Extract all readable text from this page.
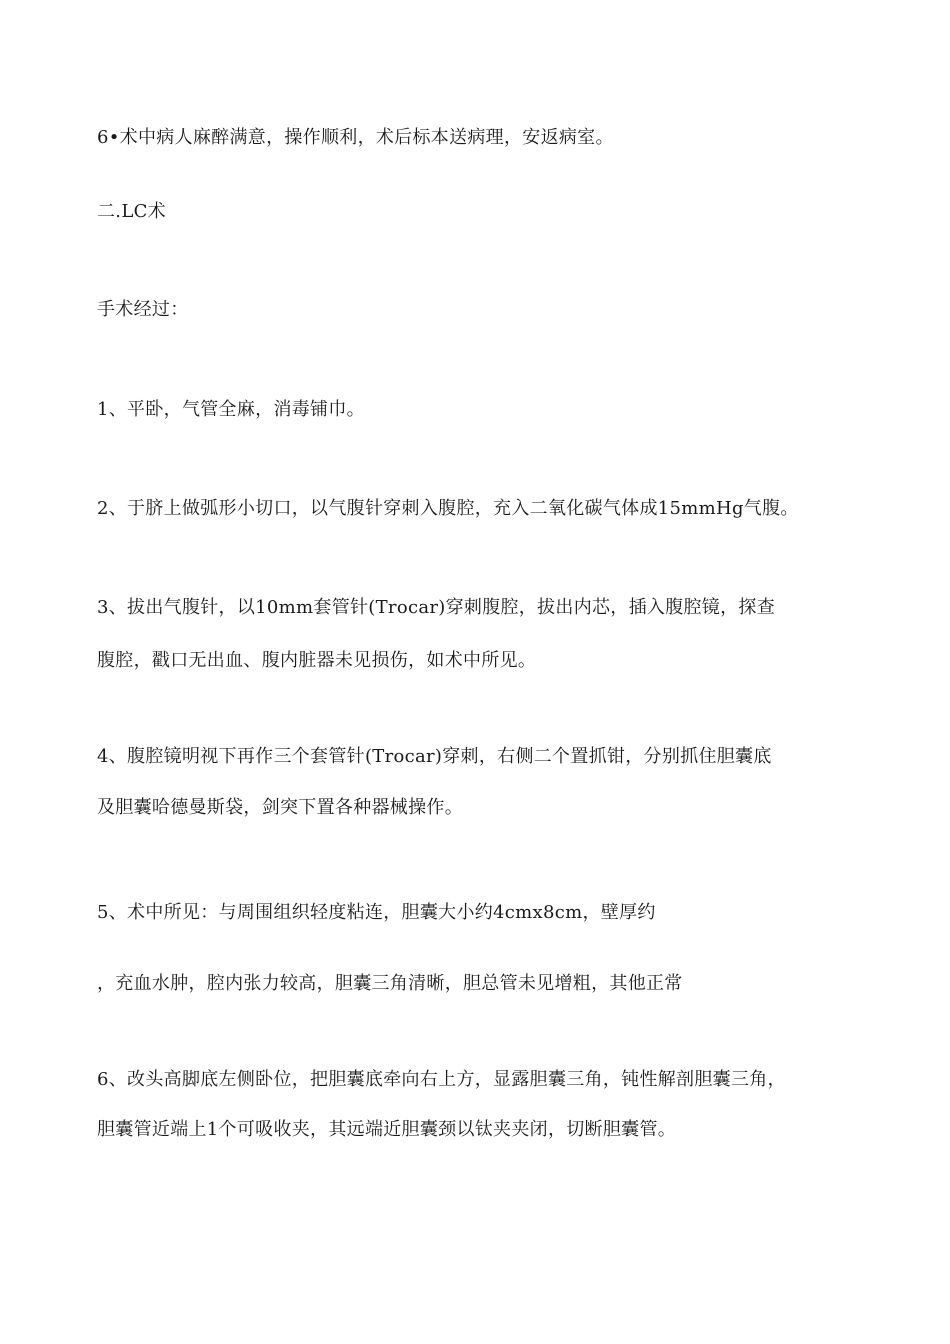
6•术中病人麻醉满意，操作顺利，术后标本送病理，安返病室。
二.LC术
手术经过：
1、平卧，气管全麻，消毒铺巾。
2、于脐上做弧形小切口，以气腹针穿刺入腹腔，充入二氧化碳气体成15mmHg气腹。
3、拔出气腹针，以10mm套管针(Trocar)穿刺腹腔，拔出内芯，插入腹腔镜，探查
腹腔，戳口无出血、腹内脏器未见损伤，如术中所见。
4、腹腔镜明视下再作三个套管针(Trocar)穿刺，右侧二个置抓钳，分别抓住胆囊底
及胆囊哈德曼斯袋，剑突下置各种器械操作。
5、术中所见：与周围组织轻度粘连，胆囊大小约4cmx8cm，壁厚约
，充血水肿，腔内张力较高，胆囊三角清晰，胆总管未见增粗，其他正常
6、改头高脚底左侧卧位，把胆囊底牵向右上方，显露胆囊三角，钝性解剖胆囊三角，
胆囊管近端上1个可吸收夹，其远端近胆囊颈以钛夹夹闭，切断胆囊管。
